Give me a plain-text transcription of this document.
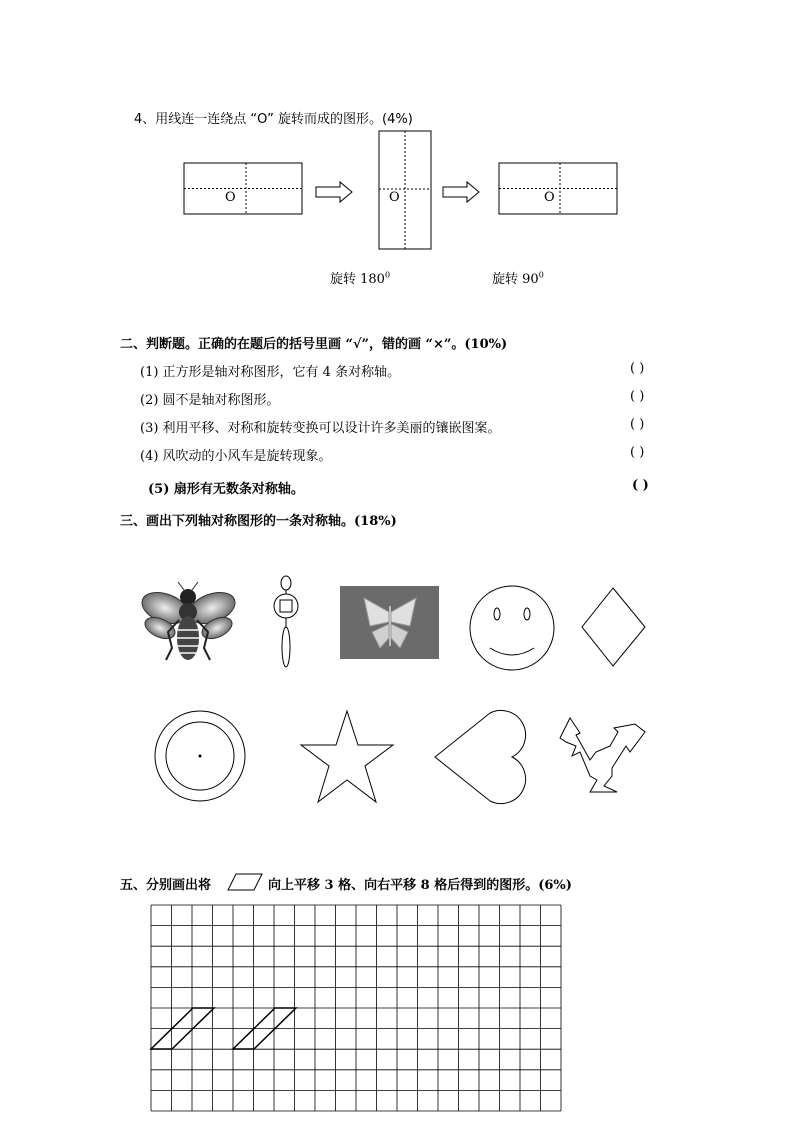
4、用线连一连绕点 “O” 旋转而成的图形。(4%)
O	O	O
旋转 $180^0$	旋转 $90^0$
二、判断题。正确的在题后的括号里画 “√”，错的画 “×”。(10%)
(1) 正方形是轴对称图形，它有 4 条对称轴。	( )
(2) 圆不是轴对称图形。	( )
(3) 利用平移、对称和旋转变换可以设计许多美丽的镶嵌图案。	( )
(4) 风吹动的小风车是旋转现象。	( )
(5) 扇形有无数条对称轴。	( )
三、画出下列轴对称图形的一条对称轴。(18%)
五、分别画出将	向上平移 3 格、向右平移 8 格后得到的图形。(6%)
